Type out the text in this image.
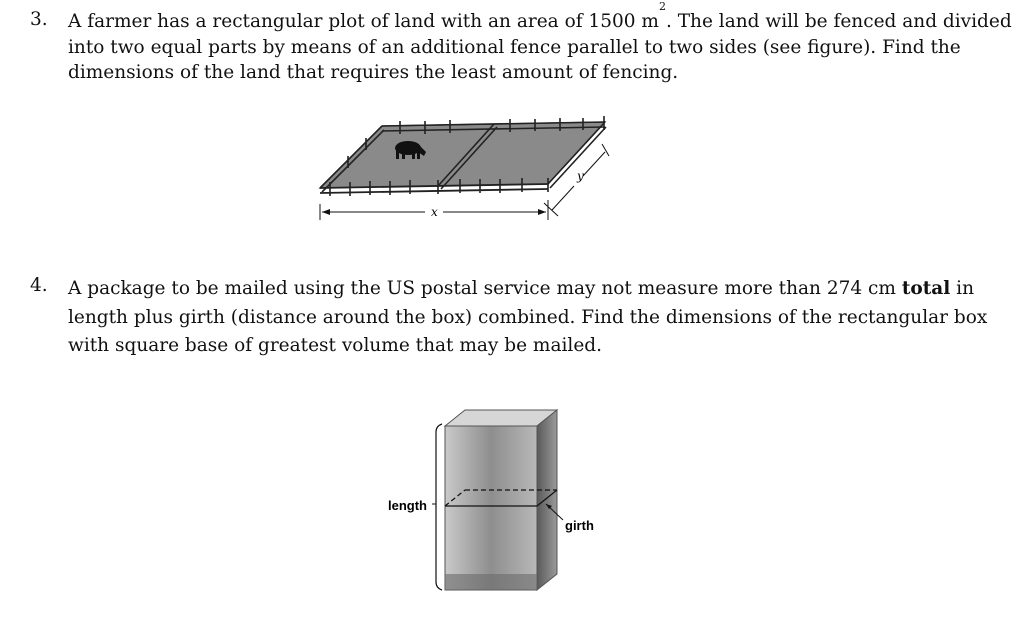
3. A farmer has a rectangular plot of land with an area of 1500 $m^2$. The land will be fenced and divided into two equal parts by means of an additional fence parallel to two sides (see figure). Find the dimensions of the land that requires the least amount of fencing.
x
y
4. A package to be mailed using the US postal service may not measure more than 274 cm total in length plus girth (distance around the box) combined. Find the dimensions of the rectangular box with square base of greatest volume that may be mailed.
length
girth
